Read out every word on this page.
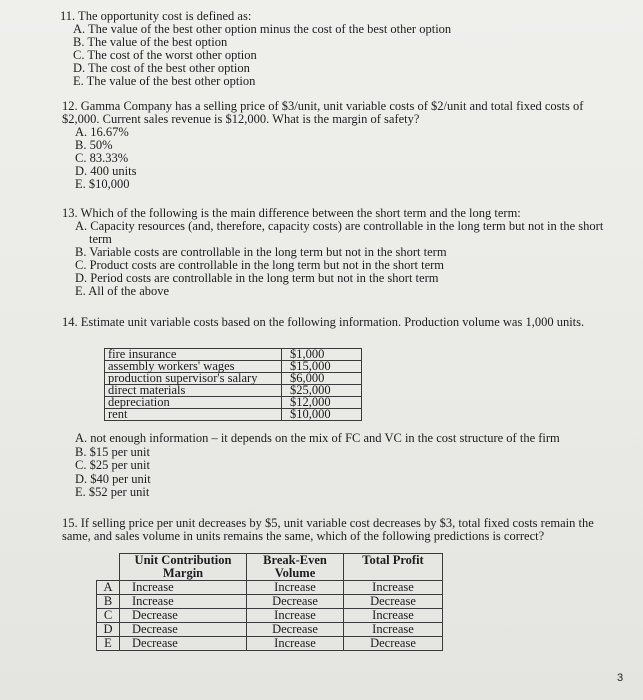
11. The opportunity cost is defined as:

A. The value of the best other option minus the cost of the best other option

B. The value of the best option

C. The cost of the worst other option

D. The cost of the best other option

E. The value of the best other option

12. Gamma Company has a selling price of $3/unit, unit variable costs of $2/unit and total fixed costs of $2,000. Current sales revenue is $12,000. What is the margin of safety?

A. 16.67%

B. 50%

C. 83.33%

D. 400 units

E. $10,000

13. Which of the following is the main difference between the short term and the long term:

A. Capacity resources (and, therefore, capacity costs) are controllable in the long term but not in the short term

B. Variable costs are controllable in the long term but not in the short term

C. Product costs are controllable in the long term but not in the short term

D. Period costs are controllable in the long term but not in the short term

E. All of the above

14. Estimate unit variable costs based on the following information. Production volume was 1,000 units.

fire insurance	$1,000
assembly workers' wages	$15,000
production supervisor's salary	$6,000
direct materials	$25,000
depreciation	$12,000
rent	$10,000

A. not enough information – it depends on the mix of FC and VC in the cost structure of the firm

B. $15 per unit

C. $25 per unit

D. $40 per unit

E. $52 per unit

15. If selling price per unit decreases by $5, unit variable cost decreases by $3, total fixed costs remain the same, and sales volume in units remains the same, which of the following predictions is correct?

	Unit Contribution Margin	Break-Even Volume	Total Profit
A	Increase	Increase	Increase
B	Increase	Decrease	Decrease
C	Decrease	Increase	Increase
D	Decrease	Decrease	Increase
E	Decrease	Increase	Decrease
3
